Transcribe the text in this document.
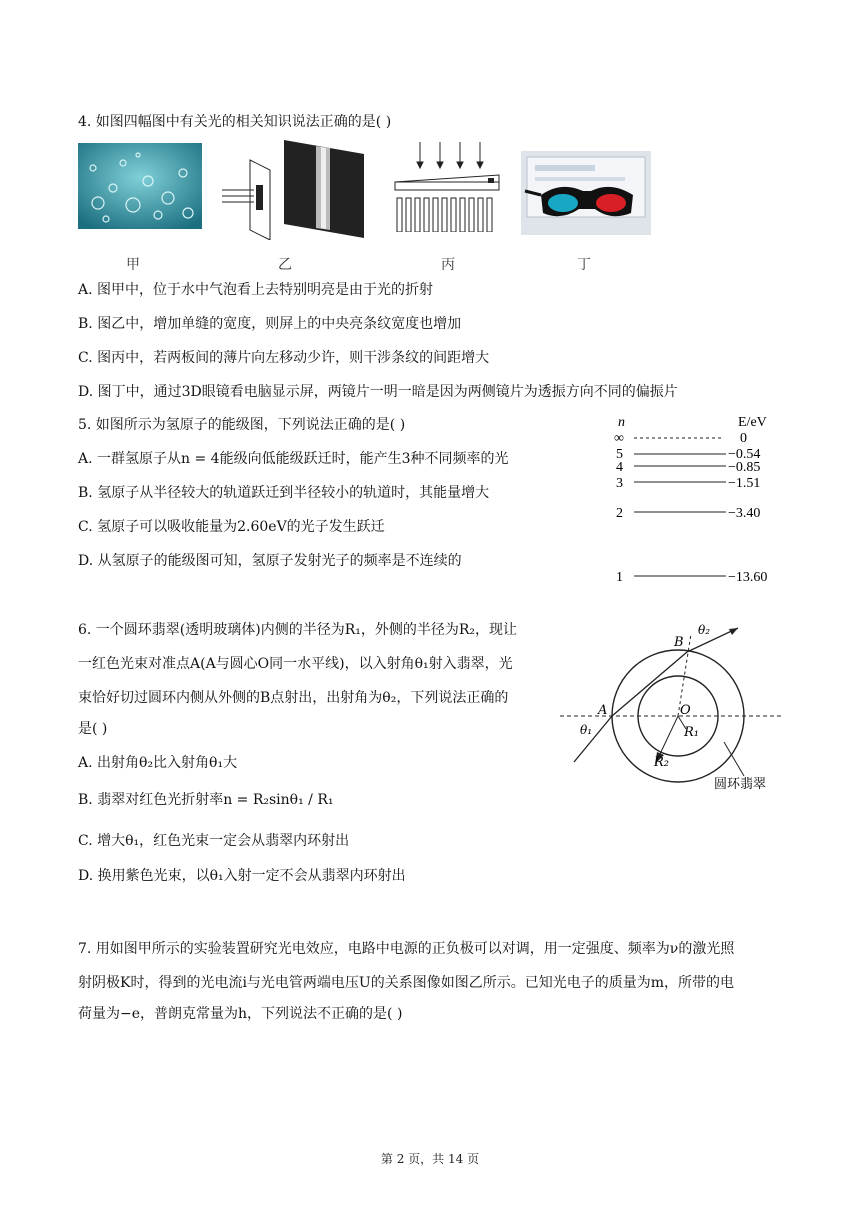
4. 如图四幅图中有关光的相关知识说法正确的是( )
甲	乙	丙	丁
A. 图甲中，位于水中气泡看上去特别明亮是由于光的折射
B. 图乙中，增加单缝的宽度，则屏上的中央亮条纹宽度也增加
C. 图丙中，若两板间的薄片向左移动少许，则干涉条纹的间距增大
D. 图丁中，通过3D眼镜看电脑显示屏，两镜片一明一暗是因为两侧镜片为透振方向不同的偏振片
5. 如图所示为氢原子的能级图，下列说法正确的是( )
A. 一群氢原子从n = 4能级向低能级跃迁时，能产生3种不同频率的光
B. 氢原子从半径较大的轨道跃迁到半径较小的轨道时，其能量增大
C. 氢原子可以吸收能量为2.60eV的光子发生跃迁
D. 从氢原子的能级图可知，氢原子发射光子的频率是不连续的
n	E/eV
∞	0
5	−0.54
4	−0.85
3	−1.51
2	−3.40
1	−13.60
6. 一个圆环翡翠(透明玻璃体)内侧的半径为R₁，外侧的半径为R₂，现让
一红色光束对准点A(A与圆心O同一水平线)，以入射角θ₁射入翡翠，光
束恰好切过圆环内侧从外侧的B点射出，出射角为θ₂，下列说法正确的
是( )
A. 出射角θ₂比入射角θ₁大
B. 翡翠对红色光折射率n = R₂sinθ₁ / R₁
C. 增大θ₁，红色光束一定会从翡翠内环射出
D. 换用紫色光束，以θ₁入射一定不会从翡翠内环射出
A
B
O
R₁
R₂
θ₁
θ₂
圆环翡翠
7. 用如图甲所示的实验装置研究光电效应，电路中电源的正负极可以对调，用一定强度、频率为ν的激光照
射阴极K时，得到的光电流i与光电管两端电压U的关系图像如图乙所示。已知光电子的质量为m，所带的电
荷量为−e，普朗克常量为h，下列说法不正确的是( )
第 2 页，共 14 页
